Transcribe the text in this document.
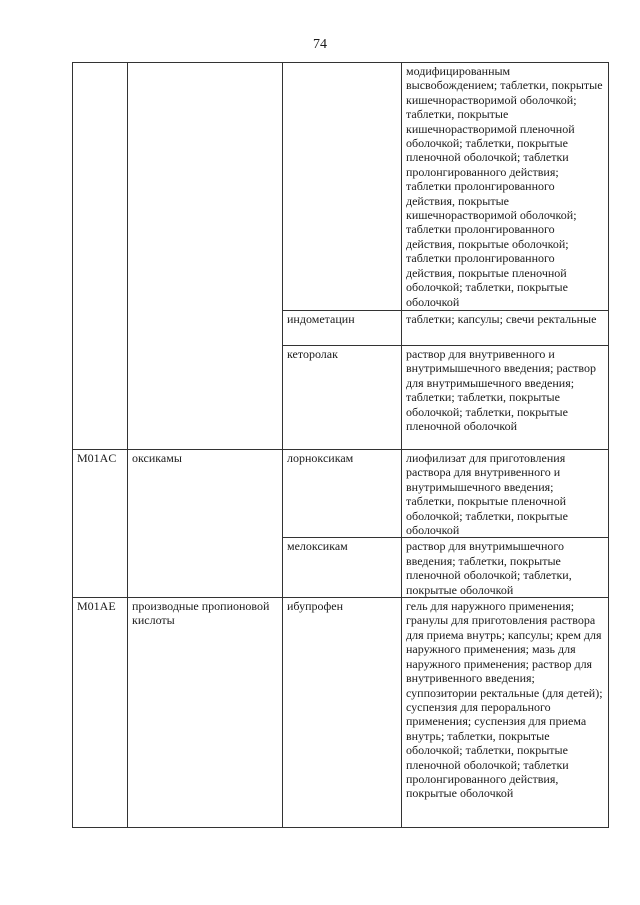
74
			модифицированным высвобождением; таблетки, покрытые кишечнорастворимой оболочкой; таблетки, покрытые кишечнорастворимой пленочной оболочкой; таблетки, покрытые пленочной оболочкой; таблетки пролонгированного действия; таблетки пролонгированного действия, покрытые кишечнорастворимой оболочкой; таблетки пролонгированного действия, покрытые оболочкой; таблетки пролонгированного действия, покрытые пленочной оболочкой; таблетки, покрытые оболочкой
		индометацин	таблетки; капсулы; свечи ректальные
		кеторолак	раствор для внутривенного и внутримышечного введения; раствор для внутримышечного введения; таблетки; таблетки, покрытые оболочкой; таблетки, покрытые пленочной оболочкой
M01AC	оксикамы	лорноксикам	лиофилизат для приготовления раствора для внутривенного и внутримышечного введения; таблетки, покрытые пленочной оболочкой; таблетки, покрытые оболочкой
		мелоксикам	раствор для внутримышечного введения; таблетки, покрытые пленочной оболочкой; таблетки, покрытые оболочкой
M01AE	производные пропионовой кислоты	ибупрофен	гель для наружного применения; гранулы для приготовления раствора для приема внутрь; капсулы; крем для наружного применения; мазь для наружного применения; раствор для внутривенного введения; суппозитории ректальные (для детей); суспензия для перорального применения; суспензия для приема внутрь; таблетки, покрытые оболочкой; таблетки, покрытые пленочной оболочкой; таблетки пролонгированного действия, покрытые оболочкой
